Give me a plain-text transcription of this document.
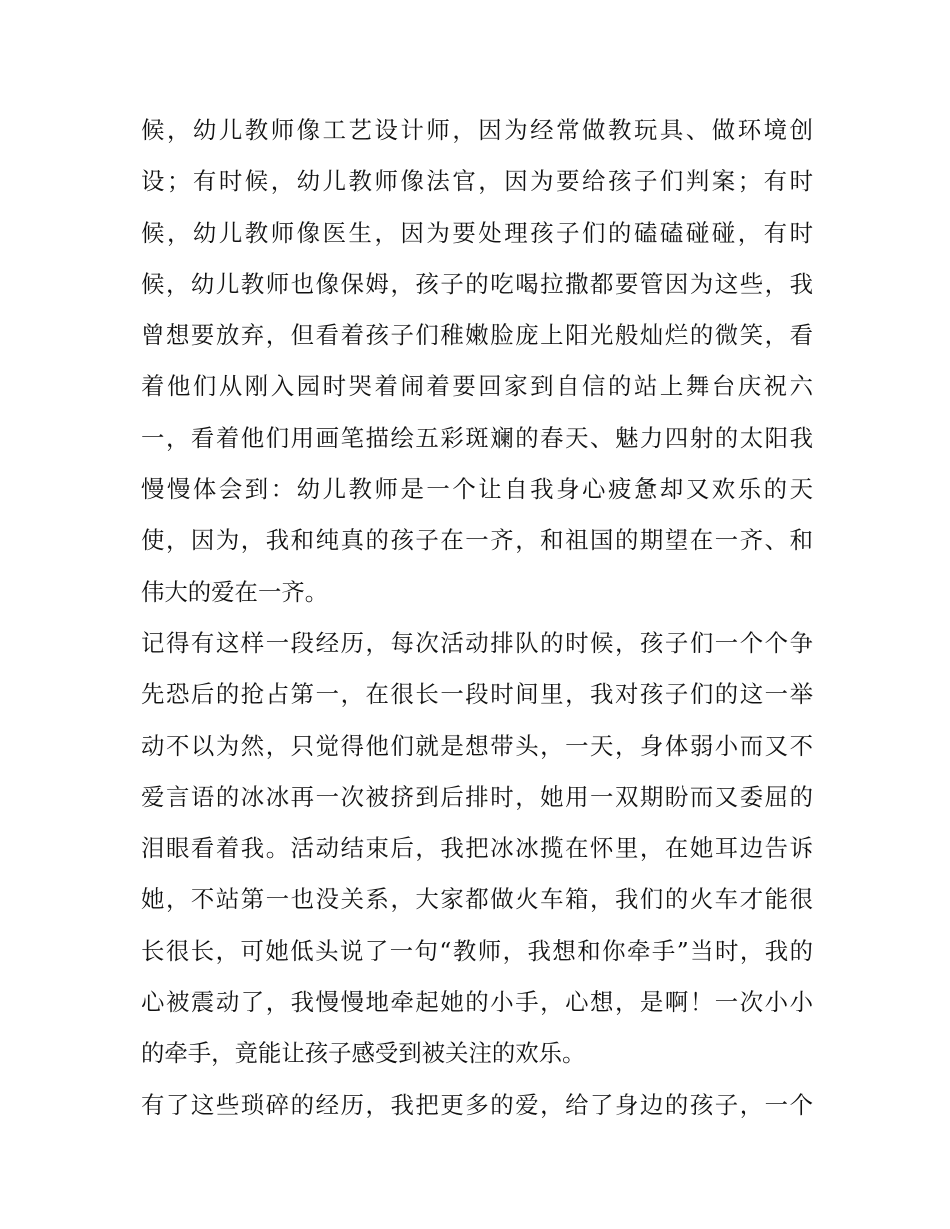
候，幼儿教师像工艺设计师，因为经常做教玩具、做环境创
设；有时候，幼儿教师像法官，因为要给孩子们判案；有时
候，幼儿教师像医生，因为要处理孩子们的磕磕碰碰，有时
候，幼儿教师也像保姆，孩子的吃喝拉撒都要管因为这些，我
曾想要放弃，但看着孩子们稚嫩脸庞上阳光般灿烂的微笑，看
着他们从刚入园时哭着闹着要回家到自信的站上舞台庆祝六
一，看着他们用画笔描绘五彩斑斓的春天、魅力四射的太阳我
慢慢体会到：幼儿教师是一个让自我身心疲惫却又欢乐的天
使，因为，我和纯真的孩子在一齐，和祖国的期望在一齐、和
伟大的爱在一齐。
记得有这样一段经历，每次活动排队的时候，孩子们一个个争
先恐后的抢占第一，在很长一段时间里，我对孩子们的这一举
动不以为然，只觉得他们就是想带头，一天，身体弱小而又不
爱言语的冰冰再一次被挤到后排时，她用一双期盼而又委屈的
泪眼看着我。活动结束后，我把冰冰揽在怀里，在她耳边告诉
她，不站第一也没关系，大家都做火车箱，我们的火车才能很
长很长，可她低头说了一句“教师，我想和你牵手”当时，我的
心被震动了，我慢慢地牵起她的小手，心想，是啊！一次小小
的牵手，竟能让孩子感受到被关注的欢乐。
有了这些琐碎的经历，我把更多的爱，给了身边的孩子，一个
